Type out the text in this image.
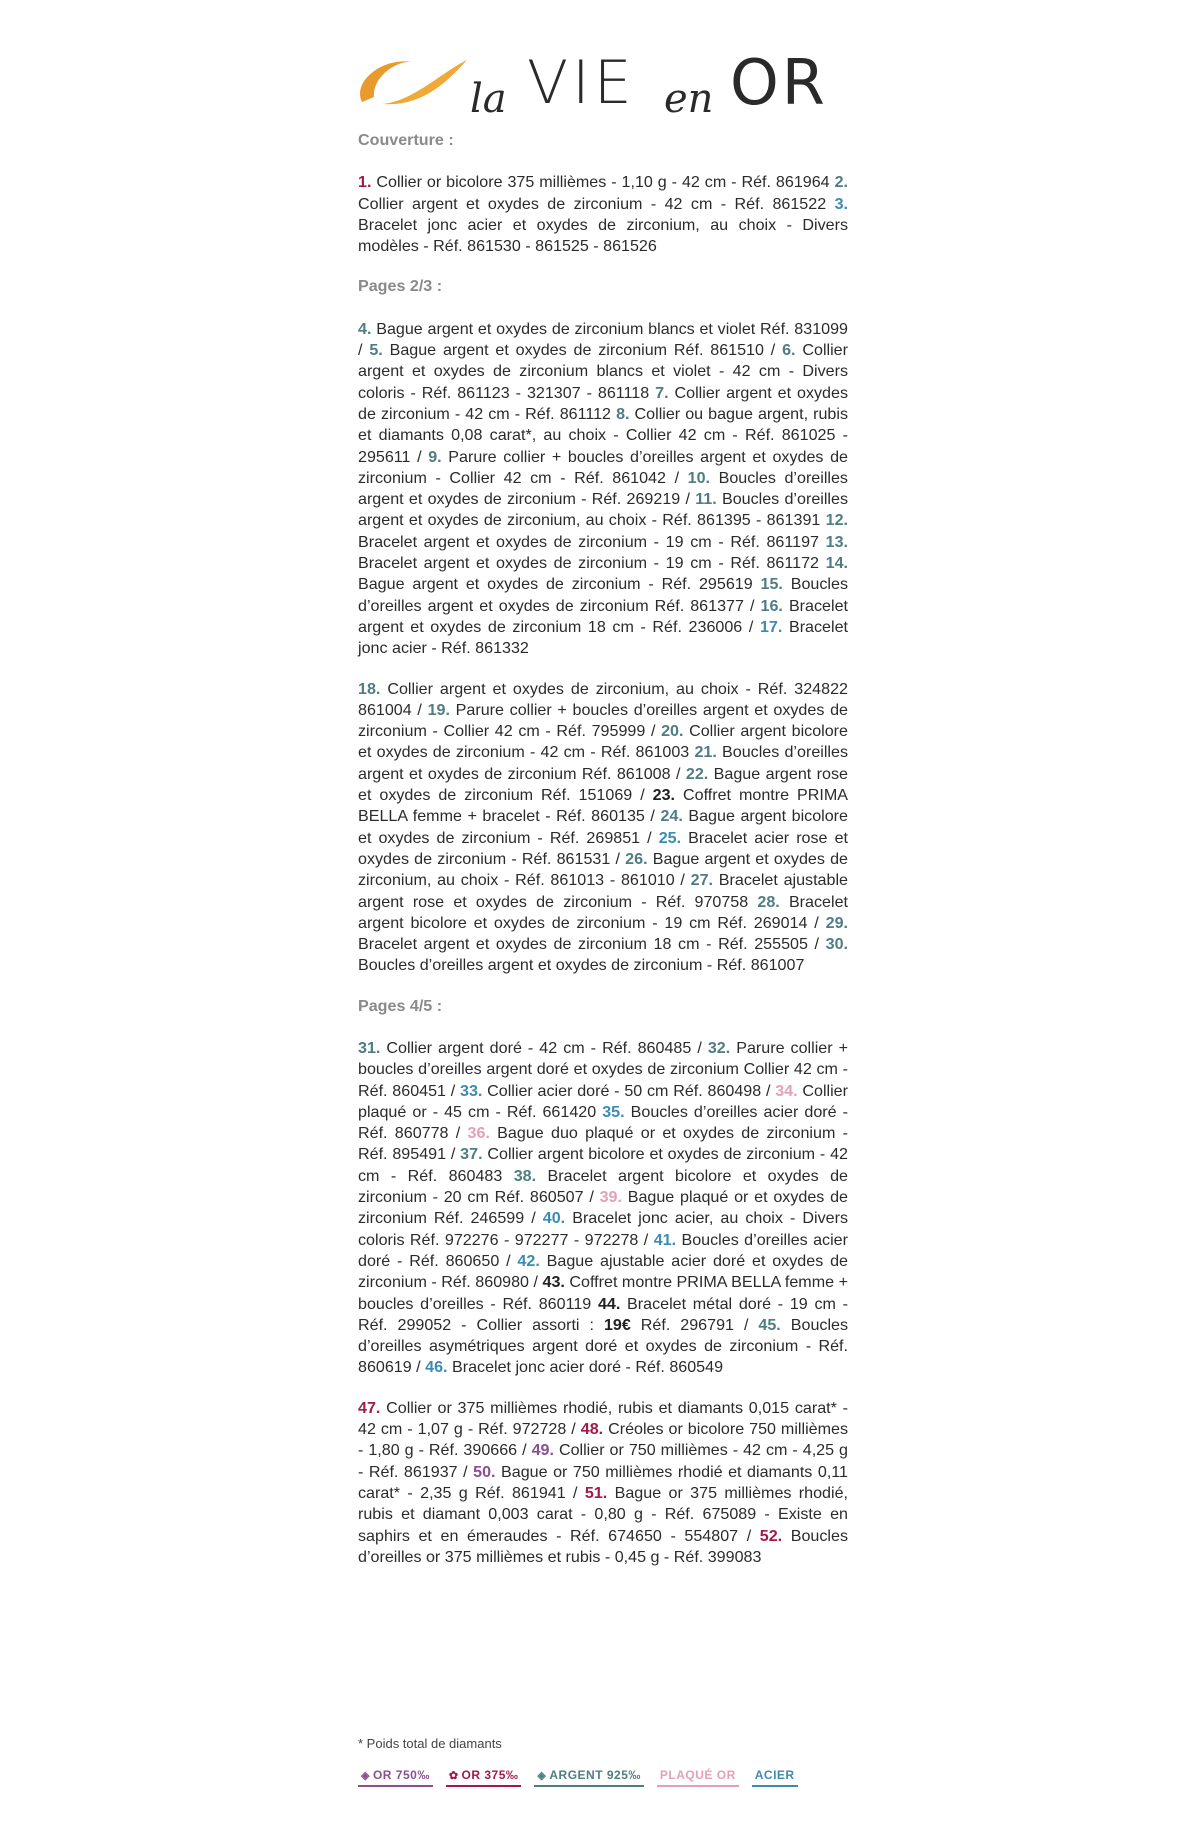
la VIE en OR
Couverture :
1. Collier or bicolore 375 millièmes - 1,10 g - 42 cm - Réf. 861964 2. Collier argent et oxydes de zirconium - 42 cm - Réf. 861522 3. Bracelet jonc acier et oxydes de zirconium, au choix - Divers modèles - Réf. 861530 - 861525 - 861526
Pages 2/3 :
4. Bague argent et oxydes de zirconium blancs et violet Réf. 831099 / 5. Bague argent et oxydes de zirconium Réf. 861510 / 6. Collier argent et oxydes de zirconium blancs et violet - 42 cm - Divers coloris - Réf. 861123 - 321307 - 861118 7. Collier argent et oxydes de zirconium - 42 cm - Réf. 861112 8. Collier ou bague argent, rubis et diamants 0,08 carat*, au choix - Collier 42 cm - Réf. 861025 - 295611 / 9. Parure collier + boucles d’oreilles argent et oxydes de zirconium - Collier 42 cm - Réf. 861042 / 10. Boucles d’oreilles argent et oxydes de zirconium - Réf. 269219 / 11. Boucles d’oreilles argent et oxydes de zirconium, au choix - Réf. 861395 - 861391 12. Bracelet argent et oxydes de zirconium - 19 cm - Réf. 861197 13. Bracelet argent et oxydes de zirconium - 19 cm - Réf. 861172 14. Bague argent et oxydes de zirconium - Réf. 295619 15. Boucles d’oreilles argent et oxydes de zirconium Réf. 861377 / 16. Bracelet argent et oxydes de zirconium 18 cm - Réf. 236006 / 17. Bracelet jonc acier - Réf. 861332
18. Collier argent et oxydes de zirconium, au choix - Réf. 324822 861004 / 19. Parure collier + boucles d’oreilles argent et oxydes de zirconium - Collier 42 cm - Réf. 795999 / 20. Collier argent bicolore et oxydes de zirconium - 42 cm - Réf. 861003 21. Boucles d’oreilles argent et oxydes de zirconium Réf. 861008 / 22. Bague argent rose et oxydes de zirconium Réf. 151069 / 23. Coffret montre PRIMA BELLA femme + bracelet - Réf. 860135 / 24. Bague argent bicolore et oxydes de zirconium - Réf. 269851 / 25. Bracelet acier rose et oxydes de zirconium - Réf. 861531 / 26. Bague argent et oxydes de zirconium, au choix - Réf. 861013 - 861010 / 27. Bracelet ajustable argent rose et oxydes de zirconium - Réf. 970758 28. Bracelet argent bicolore et oxydes de zirconium - 19 cm Réf. 269014 / 29. Bracelet argent et oxydes de zirconium 18 cm - Réf. 255505 / 30. Boucles d’oreilles argent et oxydes de zirconium - Réf. 861007
Pages 4/5 :
31. Collier argent doré - 42 cm - Réf. 860485 / 32. Parure collier + boucles d’oreilles argent doré et oxydes de zirconium Collier 42 cm - Réf. 860451 / 33. Collier acier doré - 50 cm Réf. 860498 / 34. Collier plaqué or - 45 cm - Réf. 661420 35. Boucles d’oreilles acier doré - Réf. 860778 / 36. Bague duo plaqué or et oxydes de zirconium - Réf. 895491 / 37. Collier argent bicolore et oxydes de zirconium - 42 cm - Réf. 860483 38. Bracelet argent bicolore et oxydes de zirconium - 20 cm Réf. 860507 / 39. Bague plaqué or et oxydes de zirconium Réf. 246599 / 40. Bracelet jonc acier, au choix - Divers coloris Réf. 972276 - 972277 - 972278 / 41. Boucles d’oreilles acier doré - Réf. 860650 / 42. Bague ajustable acier doré et oxydes de zirconium - Réf. 860980 / 43. Coffret montre PRIMA BELLA femme + boucles d’oreilles - Réf. 860119 44. Bracelet métal doré - 19 cm - Réf. 299052 - Collier assorti : 19€ Réf. 296791 / 45. Boucles d’oreilles asymétriques argent doré et oxydes de zirconium - Réf. 860619 / 46. Bracelet jonc acier doré - Réf. 860549
47. Collier or 375 millièmes rhodié, rubis et diamants 0,015 carat* - 42 cm - 1,07 g - Réf. 972728 / 48. Créoles or bicolore 750 millièmes - 1,80 g - Réf. 390666 / 49. Collier or 750 millièmes - 42 cm - 4,25 g - Réf. 861937 / 50. Bague or 750 millièmes rhodié et diamants 0,11 carat* - 2,35 g Réf. 861941 / 51. Bague or 375 millièmes rhodié, rubis et diamant 0,003 carat - 0,80 g - Réf. 675089 - Existe en saphirs et en émeraudes - Réf. 674650 - 554807 / 52. Boucles d’oreilles or 375 millièmes et rubis - 0,45 g - Réf. 399083
* Poids total de diamants
◈ OR 750‰ ✿ OR 375‰ ◈ ARGENT 925‰ PLAQUÉ OR ACIER
